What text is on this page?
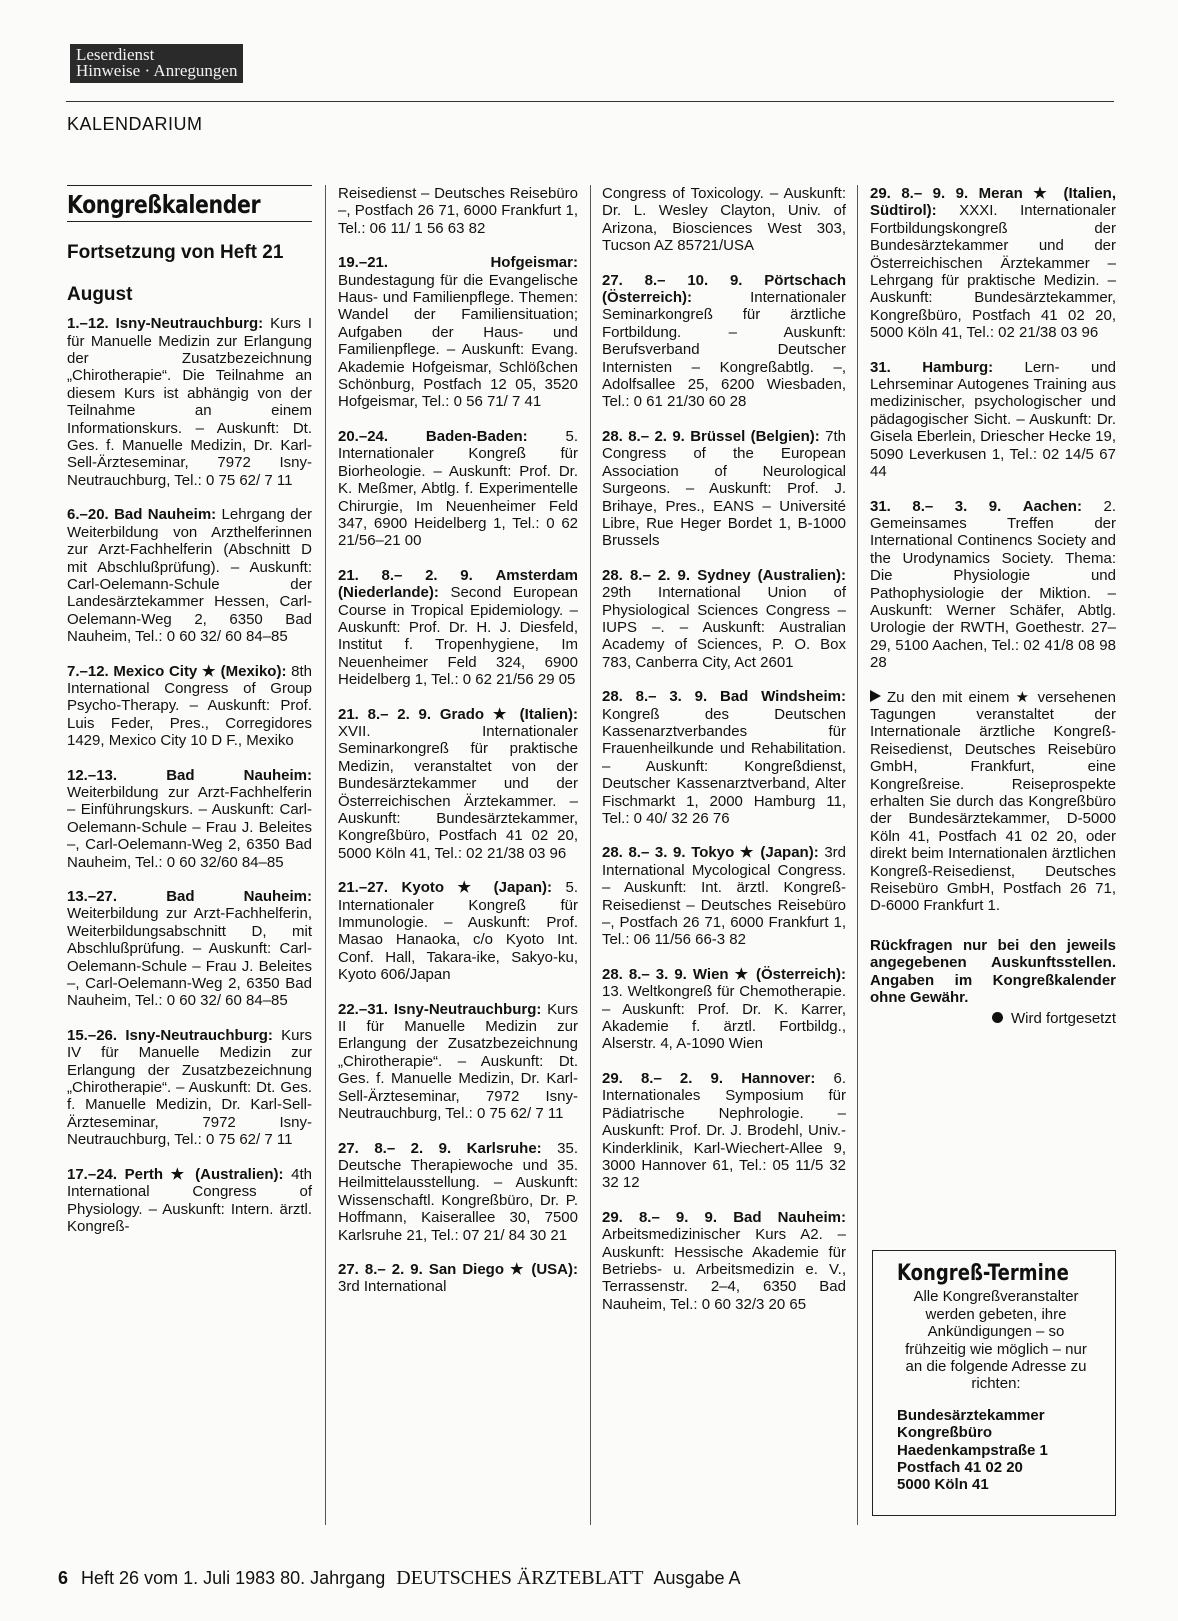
Leserdienst
Hinweise · Anregungen
KALENDARIUM
Kongreßkalender
Fortsetzung von Heft 21
August

1.–12. Isny-Neutrauchburg: Kurs I für Manuelle Medizin zur Erlangung der Zusatzbezeichnung „Chirotherapie“. Die Teilnahme an diesem Kurs ist abhängig von der Teilnahme an einem Informationskurs. – Auskunft: Dt. Ges. f. Manuelle Medizin, Dr. Karl-Sell-Ärzteseminar, 7972 Isny-Neutrauchburg, Tel.: 0 75 62/ 7 11

6.–20. Bad Nauheim: Lehrgang der Weiterbildung von Arzthelferinnen zur Arzt-Fachhelferin (Abschnitt D mit Abschlußprüfung). – Auskunft: Carl-Oelemann-Schule der Landesärztekammer Hessen, Carl-Oelemann-Weg 2, 6350 Bad Nauheim, Tel.: 0 60 32/ 60 84–85

7.–12. Mexico City ★ (Mexiko): 8th International Congress of Group Psycho-Therapy. – Auskunft: Prof. Luis Feder, Pres., Corregidores 1429, Mexico City 10 D F., Mexiko

12.–13.	Bad Nauheim: Weiterbildung zur Arzt-Fachhelferin – Einführungskurs. – Auskunft: Carl-Oelemann-Schule – Frau J. Beleites –, Carl-Oelemann-Weg 2, 6350 Bad Nauheim, Tel.: 0 60 32/60 84–85

13.–27.	Bad Nauheim: Weiterbildung zur Arzt-Fachhelferin, Weiterbildungsabschnitt D, mit Abschlußprüfung. – Auskunft: Carl-Oelemann-Schule – Frau J. Beleites –, Carl-Oelemann-Weg 2, 6350 Bad Nauheim, Tel.: 0 60 32/ 60 84–85

15.–26. Isny-Neutrauchburg: Kurs IV für Manuelle Medizin zur Erlangung der Zusatzbezeichnung „Chirotherapie“. – Auskunft: Dt. Ges. f. Manuelle Medizin, Dr. Karl-Sell-Ärzteseminar, 7972 Isny-Neutrauchburg, Tel.: 0 75 62/ 7 11

17.–24. Perth ★ (Australien): 4th International Congress of Physiology. – Auskunft: Intern. ärztl. Kongreß-

Reisedienst – Deutsches Reisebüro –, Postfach 26 71, 6000 Frankfurt 1, Tel.: 06 11/ 1 56 63 82

19.–21.	Hofgeismar: Bundestagung für die Evangelische Haus- und Familienpflege. Themen: Wandel der Familiensituation; Aufgaben der Haus- und Familienpflege. – Auskunft: Evang. Akademie Hofgeismar, Schlößchen Schönburg, Postfach 12 05, 3520 Hofgeismar, Tel.: 0 56 71/ 7 41

20.–24.	Baden-Baden:	5. Internationaler Kongreß für Biorheologie. – Auskunft: Prof. Dr. K. Meßmer, Abtlg. f. Experimentelle Chirurgie, Im Neuenheimer Feld 347, 6900 Heidelberg 1, Tel.: 0 62 21/56–21 00

21. 8.– 2. 9. Amsterdam (Niederlande): Second European Course in Tropical Epidemiology. – Auskunft: Prof. Dr. H. J. Diesfeld, Institut f. Tropenhygiene, Im Neuenheimer Feld 324, 6900 Heidelberg 1, Tel.: 0 62 21/56 29 05

21. 8.– 2. 9. Grado ★ (Italien): XVII. Internationaler Seminarkongreß für praktische Medizin, veranstaltet von der Bundesärztekammer und der Österreichischen Ärztekammer. – Auskunft: Bundesärztekammer, Kongreßbüro, Postfach 41 02 20, 5000 Köln 41, Tel.: 02 21/38 03 96

21.–27. Kyoto ★ (Japan): 5. Internationaler Kongreß für Immunologie. – Auskunft: Prof. Masao Hanaoka, c/o Kyoto Int. Conf. Hall, Takara-ike, Sakyo-ku, Kyoto 606/Japan

22.–31. Isny-Neutrauchburg: Kurs II für Manuelle Medizin zur Erlangung der Zusatzbezeichnung „Chirotherapie“. – Auskunft: Dt. Ges. f. Manuelle Medizin, Dr. Karl-Sell-Ärzteseminar, 7972 Isny-Neutrauchburg, Tel.: 0 75 62/ 7 11

27. 8.– 2. 9. Karlsruhe: 35. Deutsche Therapiewoche und 35. Heilmittelausstellung. – Auskunft: Wissenschaftl. Kongreßbüro, Dr. P. Hoffmann, Kaiserallee 30, 7500 Karlsruhe 21, Tel.: 07 21/ 84 30 21

27. 8.– 2. 9. San Diego ★ (USA): 3rd International

Congress of Toxicology. – Auskunft: Dr. L. Wesley Clayton, Univ. of Arizona, Biosciences West 303, Tucson AZ 85721/USA

27. 8.– 10. 9. Pörtschach (Österreich):	Internationaler Seminarkongreß für ärztliche Fortbildung. – Auskunft: Berufsverband Deutscher Internisten – Kongreßabtlg. –, Adolfsallee 25, 6200 Wiesbaden, Tel.: 0 61 21/30 60 28

28. 8.– 2. 9. Brüssel (Belgien): 7th Congress of the European Association of Neurological Surgeons. – Auskunft: Prof. J. Brihaye, Pres., EANS – Université Libre, Rue Heger Bordet 1, B-1000 Brussels

28. 8.– 2. 9. Sydney (Australien): 29th International Union of Physiological Sciences Congress – IUPS –. – Auskunft: Australian Academy of Sciences, P. O. Box 783, Canberra City, Act 2601

28. 8.– 3. 9. Bad Windsheim: Kongreß des Deutschen Kassenarztverbandes für Frauenheilkunde und Rehabilitation. – Auskunft: Kongreßdienst, Deutscher Kassenarztverband, Alter Fischmarkt 1, 2000 Hamburg 11, Tel.: 0 40/ 32 26 76

28. 8.– 3. 9. Tokyo ★ (Japan): 3rd International Mycological Congress. – Auskunft: Int. ärztl. Kongreß-Reisedienst – Deutsches Reisebüro –, Postfach 26 71, 6000 Frankfurt 1, Tel.: 06 11/56 66-3 82

28. 8.– 3. 9. Wien ★ (Österreich): 13. Weltkongreß für Chemotherapie. – Auskunft: Prof. Dr. K. Karrer, Akademie f. ärztl. Fortbildg., Alserstr. 4, A-1090 Wien

29. 8.– 2. 9. Hannover: 6. Internationales Symposium für Pädiatrische Nephrologie. – Auskunft: Prof. Dr. J. Brodehl, Univ.-Kinderklinik, Karl-Wiechert-Allee 9, 3000 Hannover 61, Tel.: 05 11/5 32 32 12

29. 8.– 9. 9. Bad Nauheim: Arbeitsmedizinischer Kurs A2. – Auskunft: Hessische Akademie für Betriebs- u. Arbeitsmedizin e. V., Terrassenstr. 2–4, 6350 Bad Nauheim, Tel.: 0 60 32/3 20 65

29. 8.– 9. 9. Meran ★ (Italien, Südtirol): XXXI. Internationaler Fortbildungskongreß der Bundesärztekammer und der Österreichischen Ärztekammer – Lehrgang für praktische Medizin. – Auskunft: Bundesärztekammer, Kongreßbüro, Postfach 41 02 20, 5000 Köln 41, Tel.: 02 21/38 03 96

31. Hamburg: Lern- und Lehrseminar Autogenes Training aus medizinischer, psychologischer und pädagogischer Sicht. – Auskunft: Dr. Gisela Eberlein, Driescher Hecke 19, 5090 Leverkusen 1, Tel.: 02 14/5 67 44

31. 8.– 3. 9. Aachen: 2. Gemeinsames Treffen der International Continencs Society and the Urodynamics Society. Thema: Die Physiologie und Pathophysiologie der Miktion. – Auskunft: Werner Schäfer, Abtlg. Urologie der RWTH, Goethestr. 27–29, 5100 Aachen, Tel.: 02 41/8 08 98 28

Zu den mit einem ★ versehenen Tagungen veranstaltet der Internationale ärztliche Kongreß-Reisedienst, Deutsches Reisebüro GmbH, Frankfurt, eine Kongreßreise. Reiseprospekte erhalten Sie durch das Kongreßbüro der Bundesärztekammer, D-5000 Köln 41, Postfach 41 02 20, oder direkt beim Internationalen ärztlichen Kongreß-Reisedienst, Deutsches Reisebüro GmbH, Postfach 26 71, D-6000 Frankfurt 1.
Rückfragen nur bei den jeweils angegebenen Auskunftsstellen. Angaben im Kongreßkalender ohne Gewähr.
Wird fortgesetzt
Kongreß-Termine
Alle Kongreßveranstalter werden gebeten, ihre Ankündigungen – so frühzeitig wie möglich – nur an die folgende Adresse zu richten:
Bundesärztekammer
Kongreßbüro
Haedenkampstraße 1
Postfach 41 02 20
5000 Köln 41
6 Heft 26 vom 1. Juli 1983 80. Jahrgang DEUTSCHES ÄRZTEBLATT Ausgabe A
